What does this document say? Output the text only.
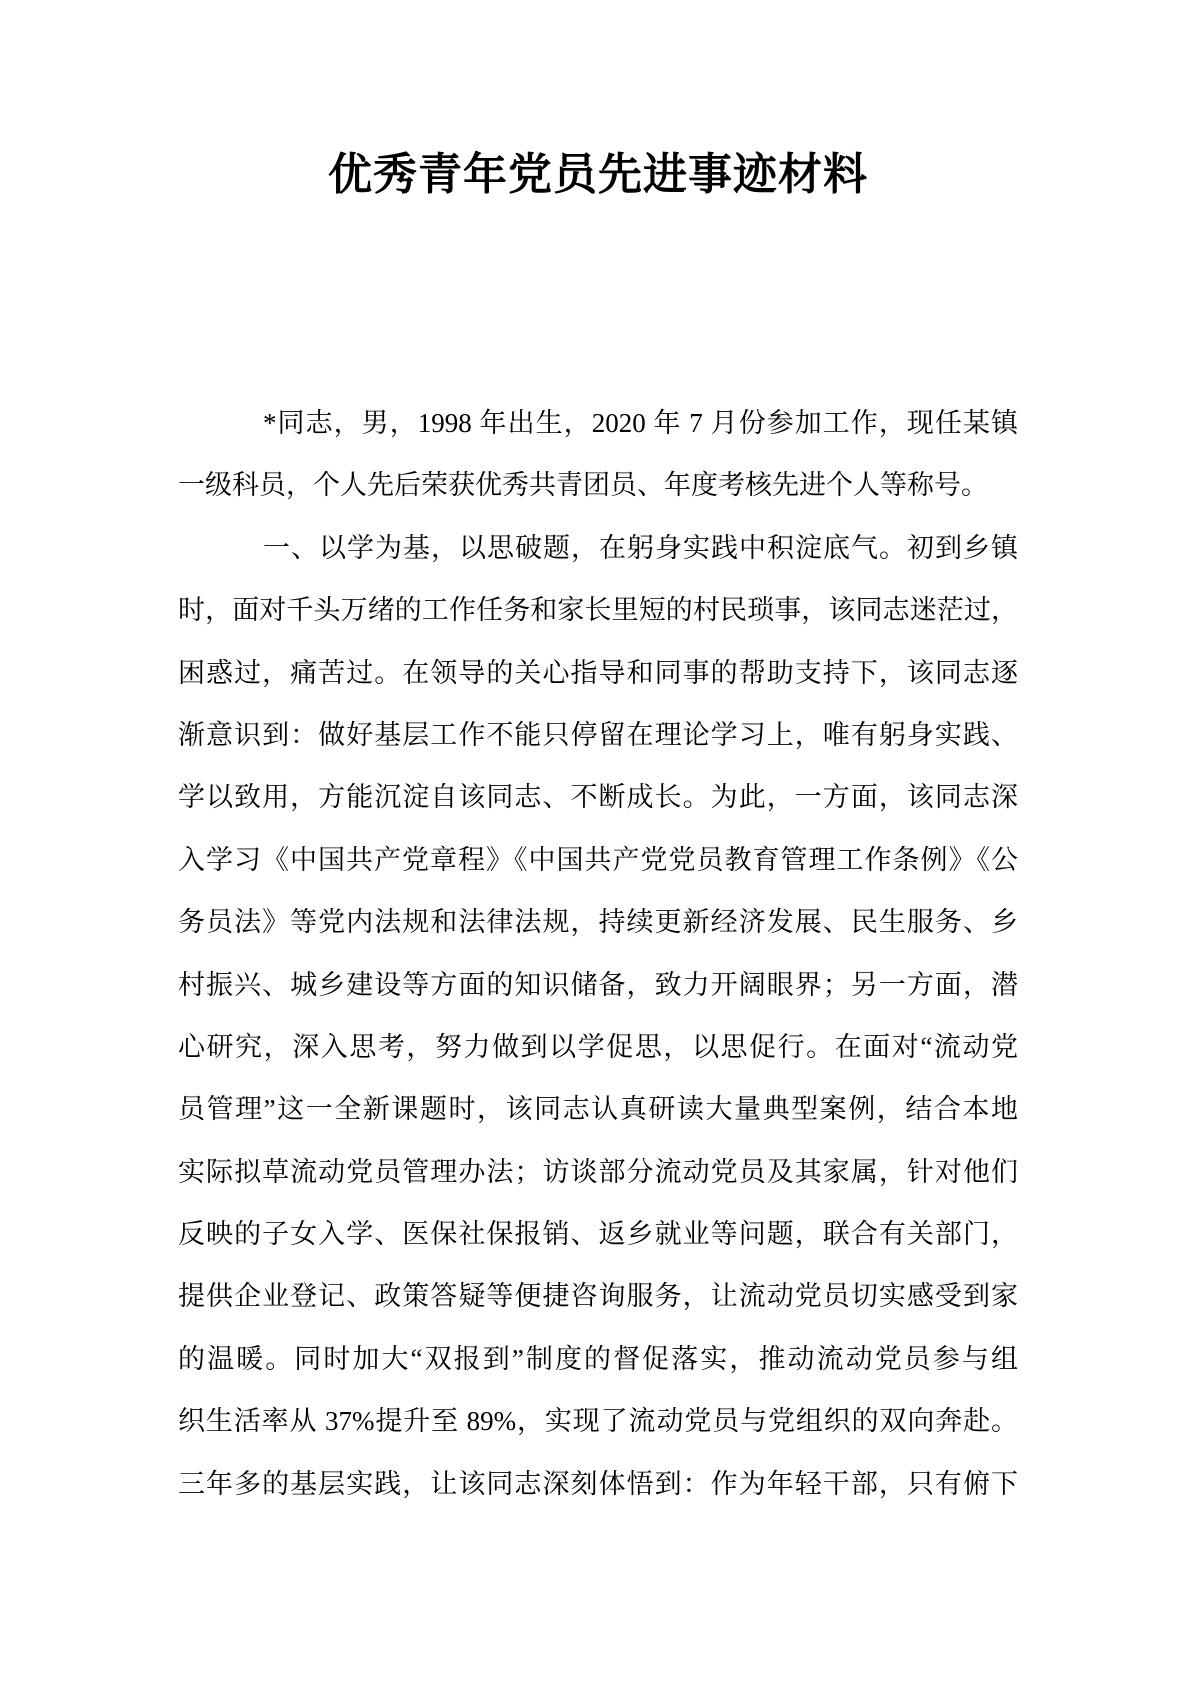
优秀青年党员先进事迹材料
*同志，男，1998 年出生，2020 年 7 月份参加工作，现任某镇
一级科员，个人先后荣获优秀共青团员、年度考核先进个人等称号。
一、以学为基，以思破题，在躬身实践中积淀底气。初到乡镇
时，面对千头万绪的工作任务和家长里短的村民琐事，该同志迷茫过，
困惑过，痛苦过。在领导的关心指导和同事的帮助支持下，该同志逐
渐意识到：做好基层工作不能只停留在理论学习上，唯有躬身实践、
学以致用，方能沉淀自该同志、不断成长。为此，一方面，该同志深
入学习《中国共产党章程》《中国共产党党员教育管理工作条例》《公
务员法》等党内法规和法律法规，持续更新经济发展、民生服务、乡
村振兴、城乡建设等方面的知识储备，致力开阔眼界；另一方面，潜
心研究，深入思考，努力做到以学促思，以思促行。在面对“流动党
员管理”这一全新课题时，该同志认真研读大量典型案例，结合本地
实际拟草流动党员管理办法；访谈部分流动党员及其家属，针对他们
反映的子女入学、医保社保报销、返乡就业等问题，联合有关部门，
提供企业登记、政策答疑等便捷咨询服务，让流动党员切实感受到家
的温暖。同时加大“双报到”制度的督促落实，推动流动党员参与组
织生活率从 37%提升至 89%，实现了流动党员与党组织的双向奔赴。
三年多的基层实践，让该同志深刻体悟到：作为年轻干部，只有俯下
